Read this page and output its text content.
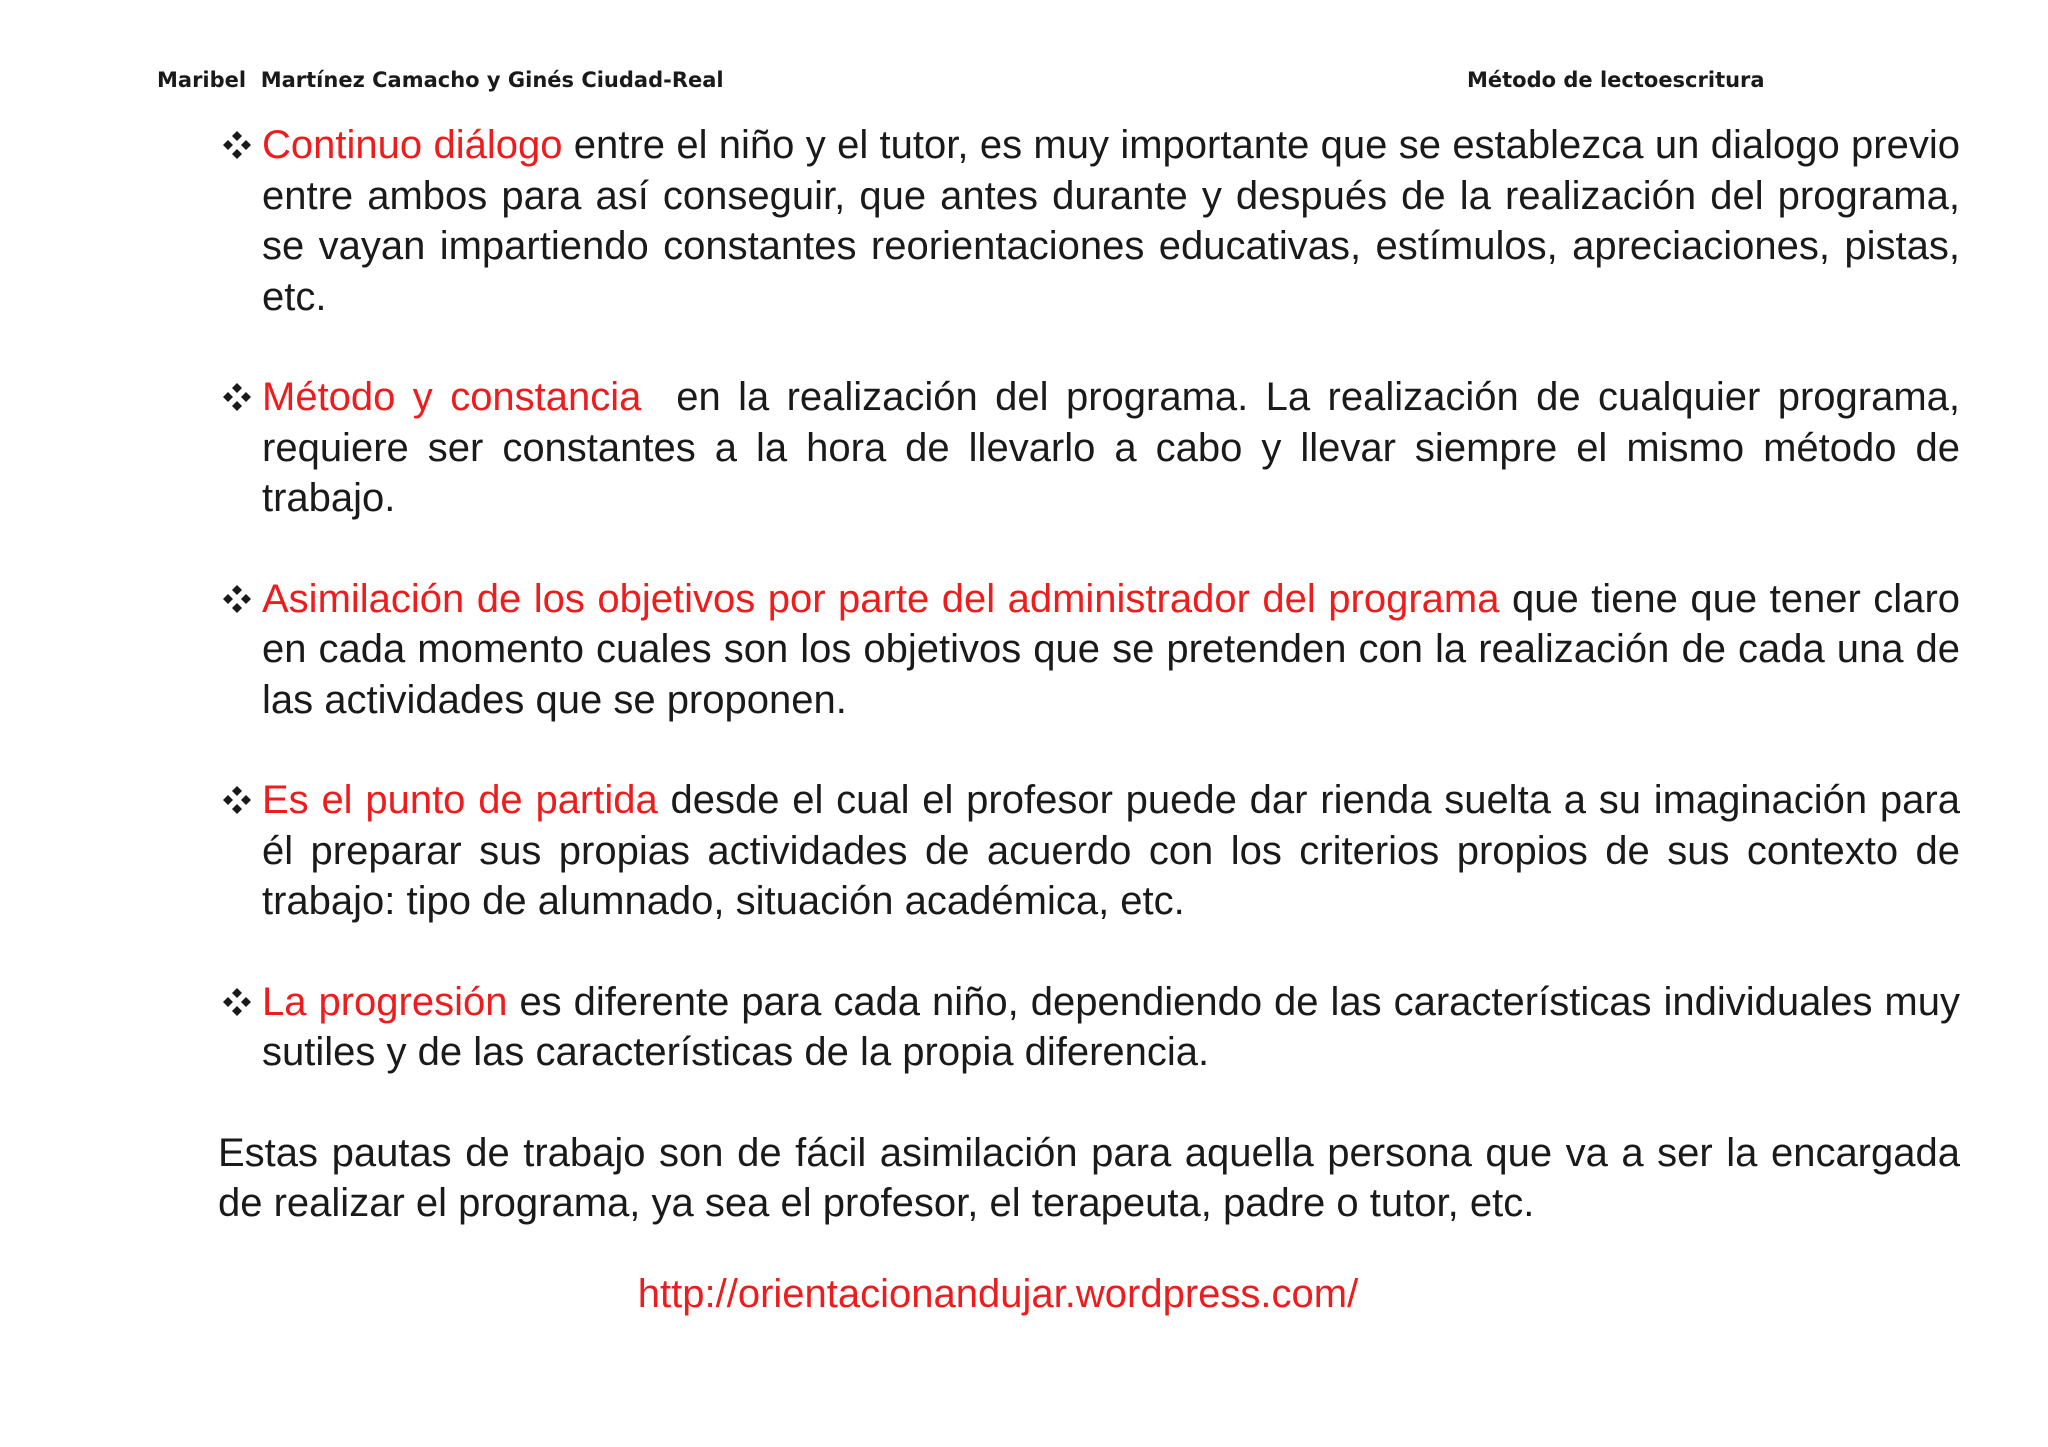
Maribel  Martínez Camacho y Ginés Ciudad-Real	Método de lectoescritura
Continuo diálogo entre el niño y el tutor, es muy importante que se establezca un dialogo previo entre ambos para así conseguir, que antes durante y después de la realización del programa, se vayan impartiendo constantes reorientaciones educativas, estímulos, apreciaciones, pistas, etc.
Método y constancia  en la realización del programa. La realización de cualquier programa, requiere ser constantes a la hora de llevarlo a cabo y llevar siempre el mismo método de trabajo.
Asimilación de los objetivos por parte del administrador del programa que tiene que tener claro en cada momento cuales son los objetivos que se pretenden con la realización de cada una de las actividades que se proponen.
Es el punto de partida desde el cual el profesor puede dar rienda suelta a su imaginación para él preparar sus propias actividades de acuerdo con los criterios propios de sus contexto de trabajo: tipo de alumnado, situación académica, etc.
La progresión es diferente para cada niño, dependiendo de las características individuales muy sutiles y de las características de la propia diferencia.

Estas pautas de trabajo son de fácil asimilación para aquella persona que va a ser la encargada de realizar el programa, ya sea el profesor, el terapeuta, padre o tutor, etc.

http://orientacionandujar.wordpress.com/
